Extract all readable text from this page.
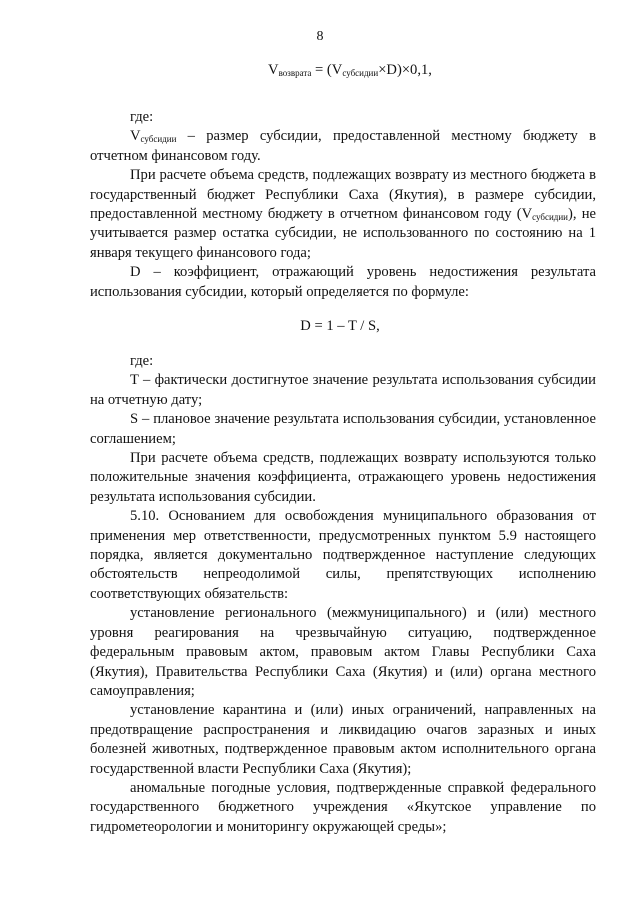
8
$V_{возврата} = (V_{субсидии}\times D)\times 0,1$,

где:

$V_{субсидии}$ – размер субсидии, предоставленной местному бюджету в отчетном финансовом году.

При расчете объема средств, подлежащих возврату из местного бюджета в государственный бюджет Республики Саха (Якутия), в размере субсидии, предоставленной местному бюджету в отчетном финансовом году $(V_{субсидии})$, не учитывается размер остатка субсидии, не использованного по состоянию на 1 января текущего финансового года;

D – коэффициент, отражающий уровень недостижения результата использования субсидии, который определяется по формуле:

D = 1 – T / S,

где:

T – фактически достигнутое значение результата использования субсидии на отчетную дату;

S – плановое значение результата использования субсидии, установленное соглашением;

При расчете объема средств, подлежащих возврату используются только положительные значения коэффициента, отражающего уровень недостижения результата использования субсидии.

5.10. Основанием для освобождения муниципального образования от применения мер ответственности, предусмотренных пунктом 5.9 настоящего порядка, является документально подтвержденное наступление следующих обстоятельств непреодолимой силы, препятствующих исполнению соответствующих обязательств:

установление регионального (межмуниципального) и (или) местного уровня реагирования на чрезвычайную ситуацию, подтвержденное федеральным правовым актом, правовым актом Главы Республики Саха (Якутия), Правительства Республики Саха (Якутия) и (или) органа местного самоуправления;

установление карантина и (или) иных ограничений, направленных на предотвращение распространения и ликвидацию очагов заразных и иных болезней животных, подтвержденное правовым актом исполнительного органа государственной власти Республики Саха (Якутия);

аномальные погодные условия, подтвержденные справкой федерального государственного бюджетного учреждения «Якутское управление по гидрометеорологии и мониторингу окружающей среды»;
